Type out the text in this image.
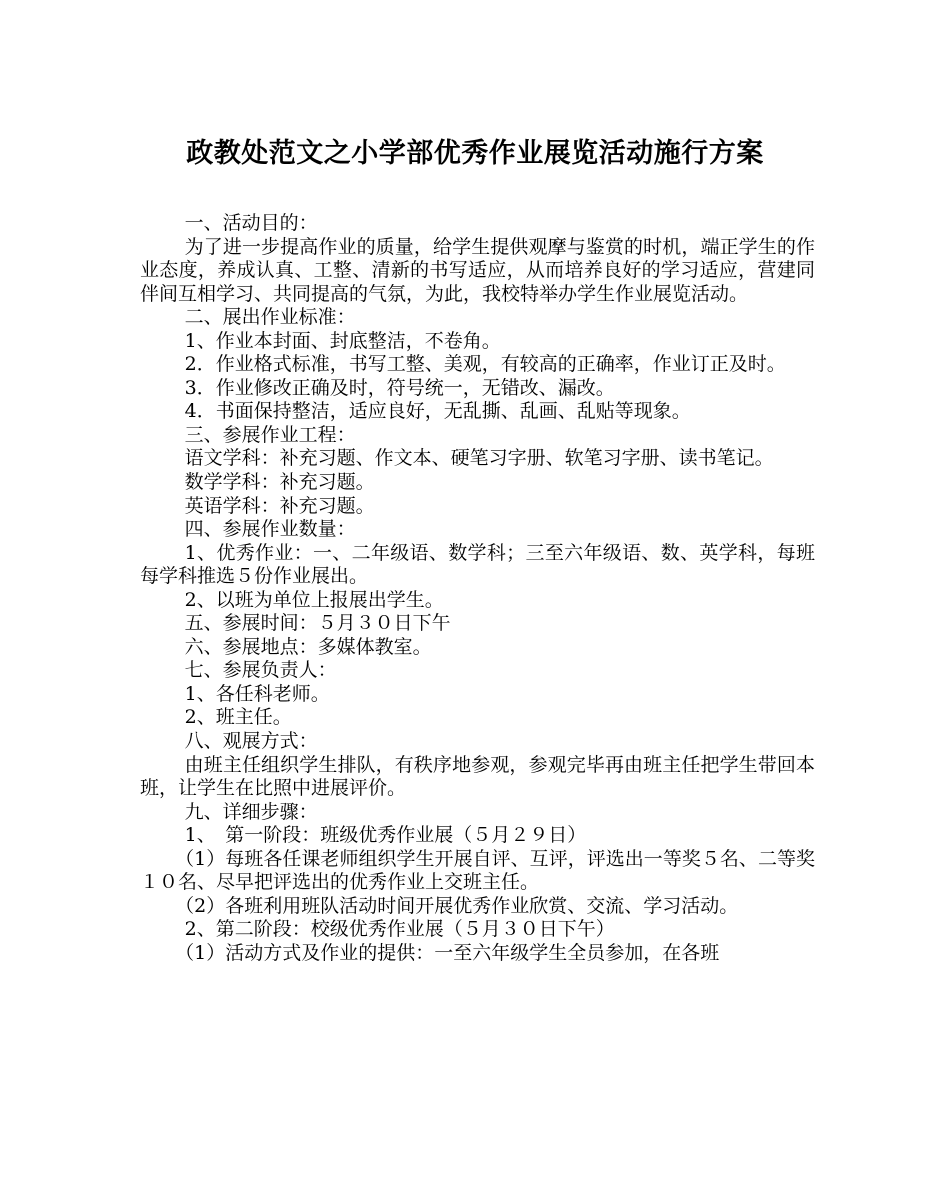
政教处范文之小学部优秀作业展览活动施行方案

一、活动目的：

为了进一步提高作业的质量，给学生提供观摩与鉴赏的时机，端正学生的作业态度，养成认真、工整、清新的书写适应，从而培养良好的学习适应，营建同伴间互相学习、共同提高的气氛，为此，我校特举办学生作业展览活动。

二、展出作业标准：

1、作业本封面、封底整洁，不卷角。

2．作业格式标准，书写工整、美观，有较高的正确率，作业订正及时。

3．作业修改正确及时，符号统一，无错改、漏改。

4．书面保持整洁，适应良好，无乱撕、乱画、乱贴等现象。

三、参展作业工程：

语文学科：补充习题、作文本、硬笔习字册、软笔习字册、读书笔记。

数学学科：补充习题。

英语学科：补充习题。

四、参展作业数量：

1、优秀作业：一、二年级语、数学科；三至六年级语、数、英学科，每班每学科推选５份作业展出。

2、以班为单位上报展出学生。

五、参展时间：５月３０日下午

六、参展地点：多媒体教室。

七、参展负责人：

1、各任科老师。

2、班主任。

八、观展方式：

由班主任组织学生排队，有秩序地参观，参观完毕再由班主任把学生带回本班，让学生在比照中进展评价。

九、详细步骤：

1、　第一阶段：班级优秀作业展（５月２９日）

（1）每班各任课老师组织学生开展自评、互评，评选出一等奖５名、二等奖１０名、尽早把评选出的优秀作业上交班主任。

（2）各班利用班队活动时间开展优秀作业欣赏、交流、学习活动。

2、第二阶段：校级优秀作业展（５月３０日下午）

（1）活动方式及作业的提供：一至六年级学生全员参加，在各班
